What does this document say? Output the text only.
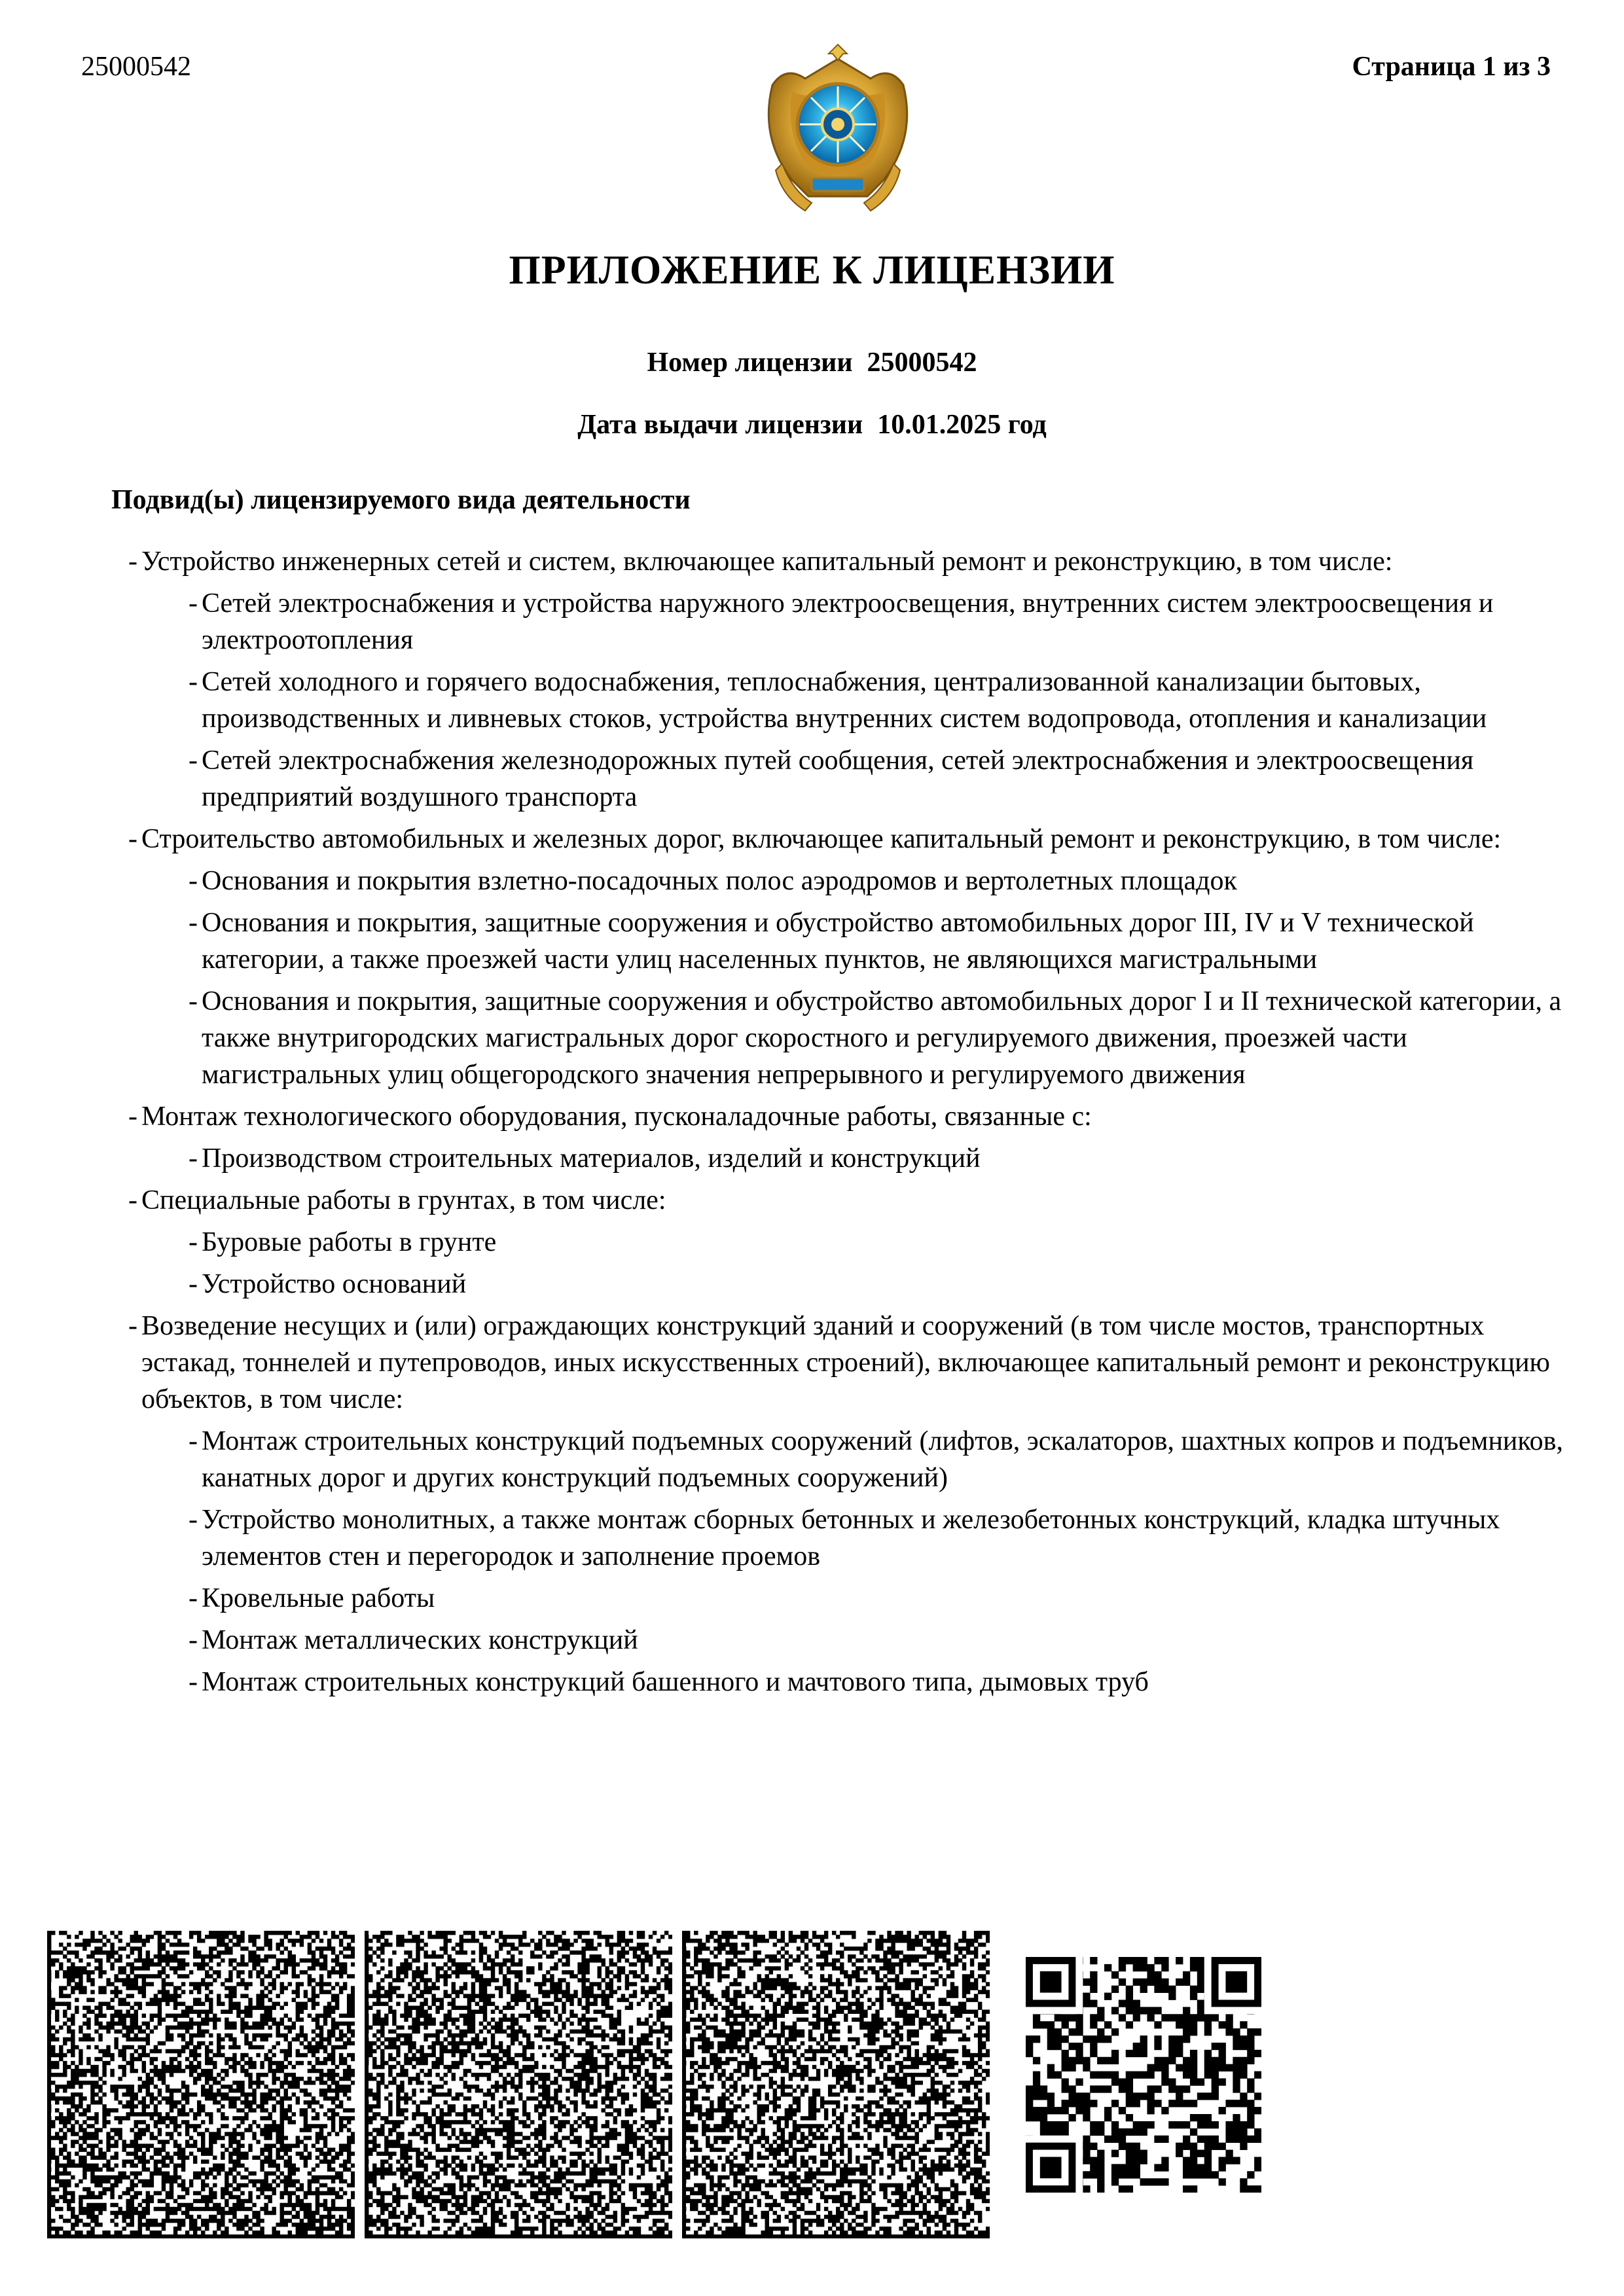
25000542	Страница 1 из 3
ПРИЛОЖЕНИЕ К ЛИЦЕНЗИИ
Номер лицензии 25000542
Дата выдачи лицензии 10.01.2025 год
Подвид(ы) лицензируемого вида деятельности
- Устройство инженерных сетей и систем, включающее капитальный ремонт и реконструкцию, в том числе:
- Сетей электроснабжения и устройства наружного электроосвещения, внутренних систем электроосвещения и электроотопления
- Сетей холодного и горячего водоснабжения, теплоснабжения, централизованной канализации бытовых, производственных и ливневых стоков, устройства внутренних систем водопровода, отопления и канализации
- Сетей электроснабжения железнодорожных путей сообщения, сетей электроснабжения и электроосвещения предприятий воздушного транспорта
- Строительство автомобильных и железных дорог, включающее капитальный ремонт и реконструкцию, в том числе:
- Основания и покрытия взлетно-посадочных полос аэродромов и вертолетных площадок
- Основания и покрытия, защитные сооружения и обустройство автомобильных дорог III, IV и V технической категории, а также проезжей части улиц населенных пунктов, не являющихся магистральными
- Основания и покрытия, защитные сооружения и обустройство автомобильных дорог I и II технической категории, а также внутригородских магистральных дорог скоростного и регулируемого движения, проезжей части магистральных улиц общегородского значения непрерывного и регулируемого движения
- Монтаж технологического оборудования, пусконаладочные работы, связанные с:
- Производством строительных материалов, изделий и конструкций
- Специальные работы в грунтах, в том числе:
- Буровые работы в грунте
- Устройство оснований
- Возведение несущих и (или) ограждающих конструкций зданий и сооружений (в том числе мостов, транспортных эстакад, тоннелей и путепроводов, иных искусственных строений), включающее капитальный ремонт и реконструкцию объектов, в том числе:
- Монтаж строительных конструкций подъемных сооружений (лифтов, эскалаторов, шахтных копров и подъемников, канатных дорог и других конструкций подъемных сооружений)
- Устройство монолитных, а также монтаж сборных бетонных и железобетонных конструкций, кладка штучных элементов стен и перегородок и заполнение проемов
- Кровельные работы
- Монтаж металлических конструкций
- Монтаж строительных конструкций башенного и мачтового типа, дымовых труб
